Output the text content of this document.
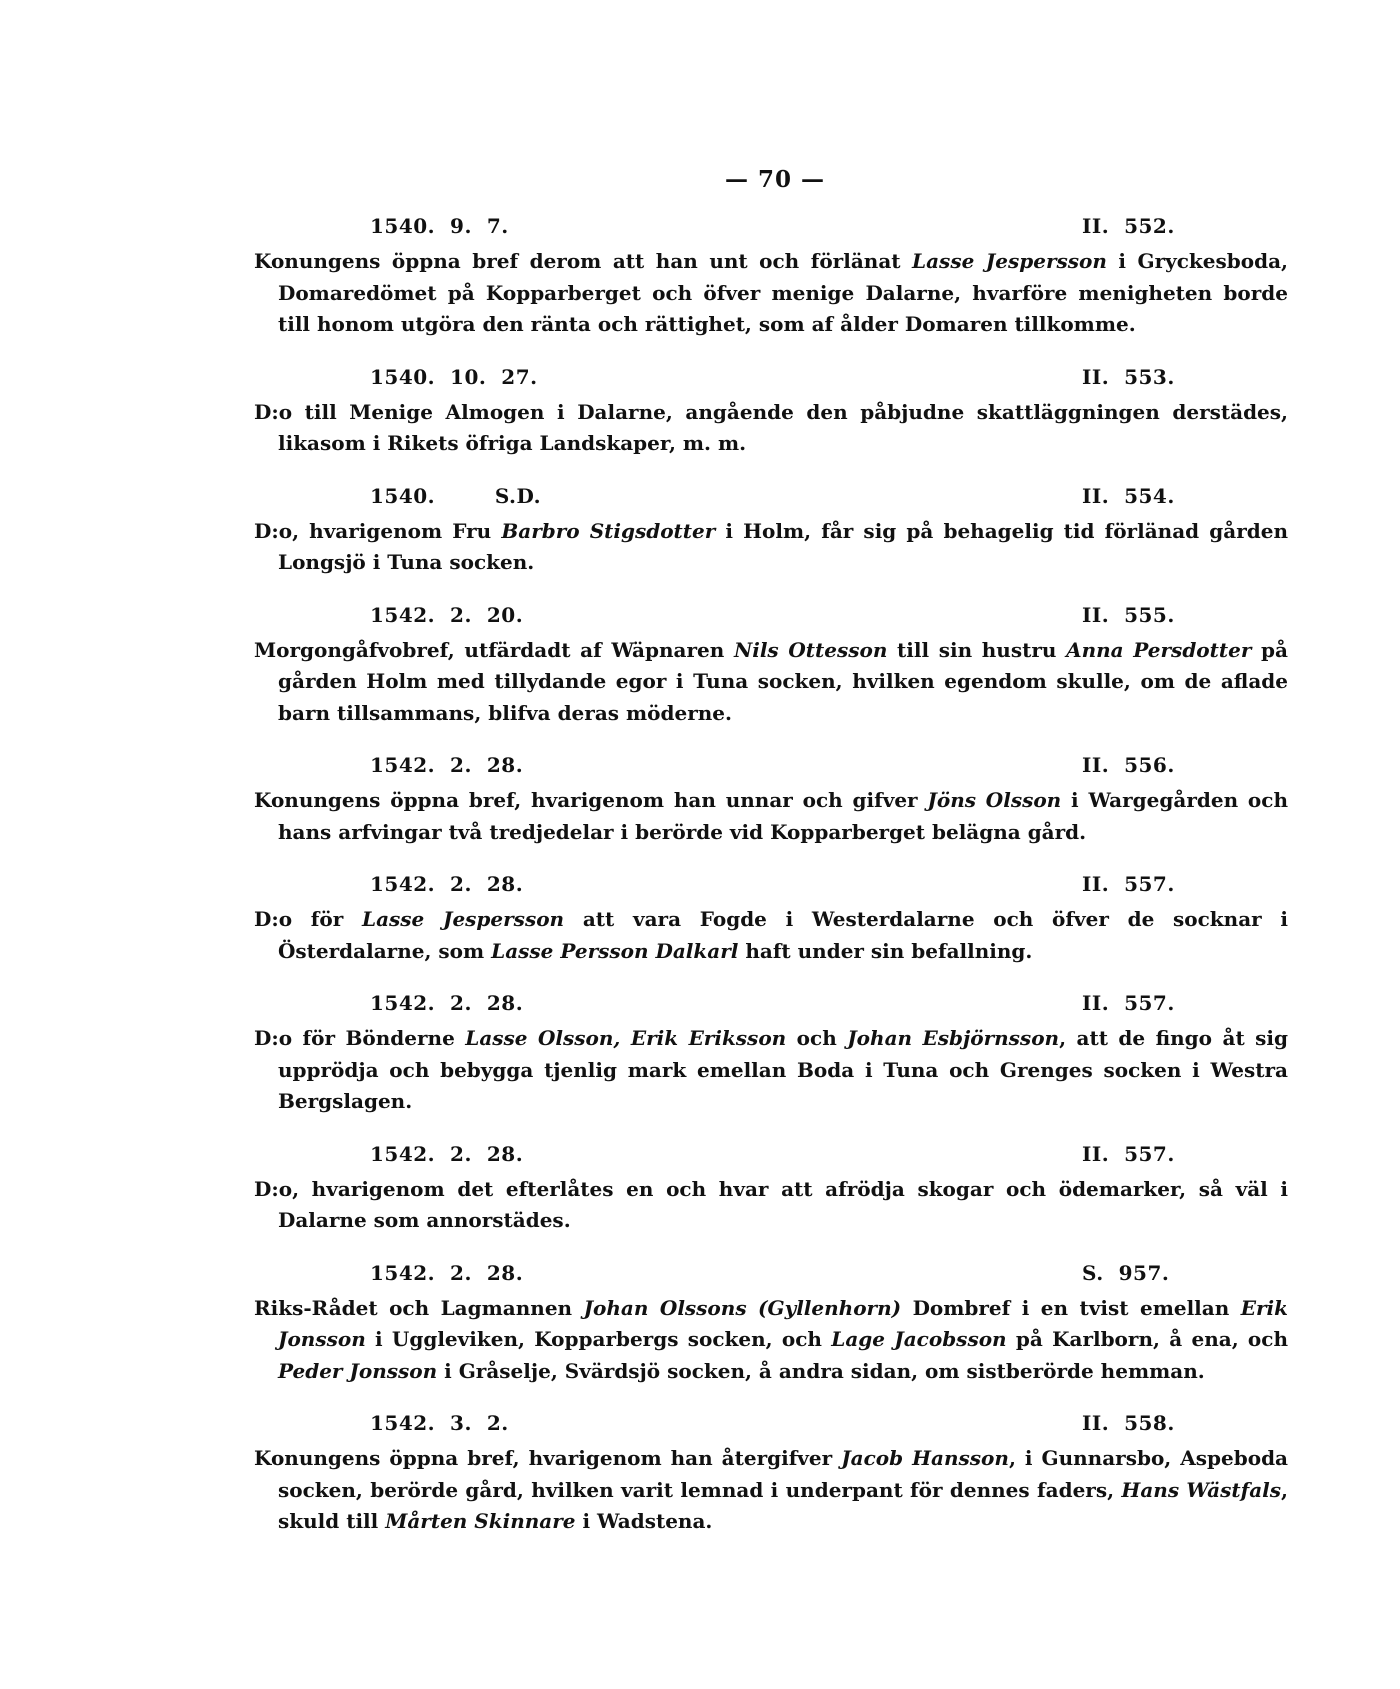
— 70 —
1540.  9.  7.	II.  552.
Konungens öppna bref derom att han unt och förlänat Lasse Jespersson i Gryckesboda, Domaredömet på Kopparberget och öfver menige Dalarne, hvarföre menigheten borde till honom utgöra den ränta och rättighet, som af ålder Domaren tillkomme.
1540.  10.  27.	II.  553.
D:o till Menige Almogen i Dalarne, angående den påbjudne skattläggningen derstädes, likasom i Rikets öfriga Landskaper, m. m.
1540.        S.D.	II.  554.
D:o, hvarigenom Fru Barbro Stigsdotter i Holm, får sig på behagelig tid förlänad gården Longsjö i Tuna socken.
1542.  2.  20.	II.  555.
Morgongåfvobref, utfärdadt af Wäpnaren Nils Ottesson till sin hustru Anna Persdotter på gården Holm med tillydande egor i Tuna socken, hvilken egendom skulle, om de aflade barn tillsammans, blifva deras möderne.
1542.  2.  28.	II.  556.
Konungens öppna bref, hvarigenom han unnar och gifver Jöns Olsson i Wargegården och hans arfvingar två tredjedelar i berörde vid Kopparberget belägna gård.
1542.  2.  28.	II.  557.
D:o för Lasse Jespersson att vara Fogde i Westerdalarne och öfver de socknar i Österdalarne, som Lasse Persson Dalkarl haft under sin befallning.
1542.  2.  28.	II.  557.
D:o för Bönderne Lasse Olsson, Erik Eriksson och Johan Esbjörnsson, att de fingo åt sig upprödja och bebygga tjenlig mark emellan Boda i Tuna och Grenges socken i Westra Bergslagen.
1542.  2.  28.	II.  557.
D:o, hvarigenom det efterlåtes en och hvar att afrödja skogar och ödemarker, så väl i Dalarne som annorstädes.
1542.  2.  28.	S.  957.
Riks-Rådet och Lagmannen Johan Olssons (Gyllenhorn) Dombref i en tvist emellan Erik Jonsson i Uggleviken, Kopparbergs socken, och Lage Jacobsson på Karlborn, å ena, och Peder Jonsson i Gråselje, Svärdsjö socken, å andra sidan, om sistberörde hemman.
1542.  3.  2.	II.  558.
Konungens öppna bref, hvarigenom han återgifver Jacob Hansson, i Gunnarsbo, Aspeboda socken, berörde gård, hvilken varit lemnad i underpant för dennes faders, Hans Wästfals, skuld till Mårten Skinnare i Wadstena.
